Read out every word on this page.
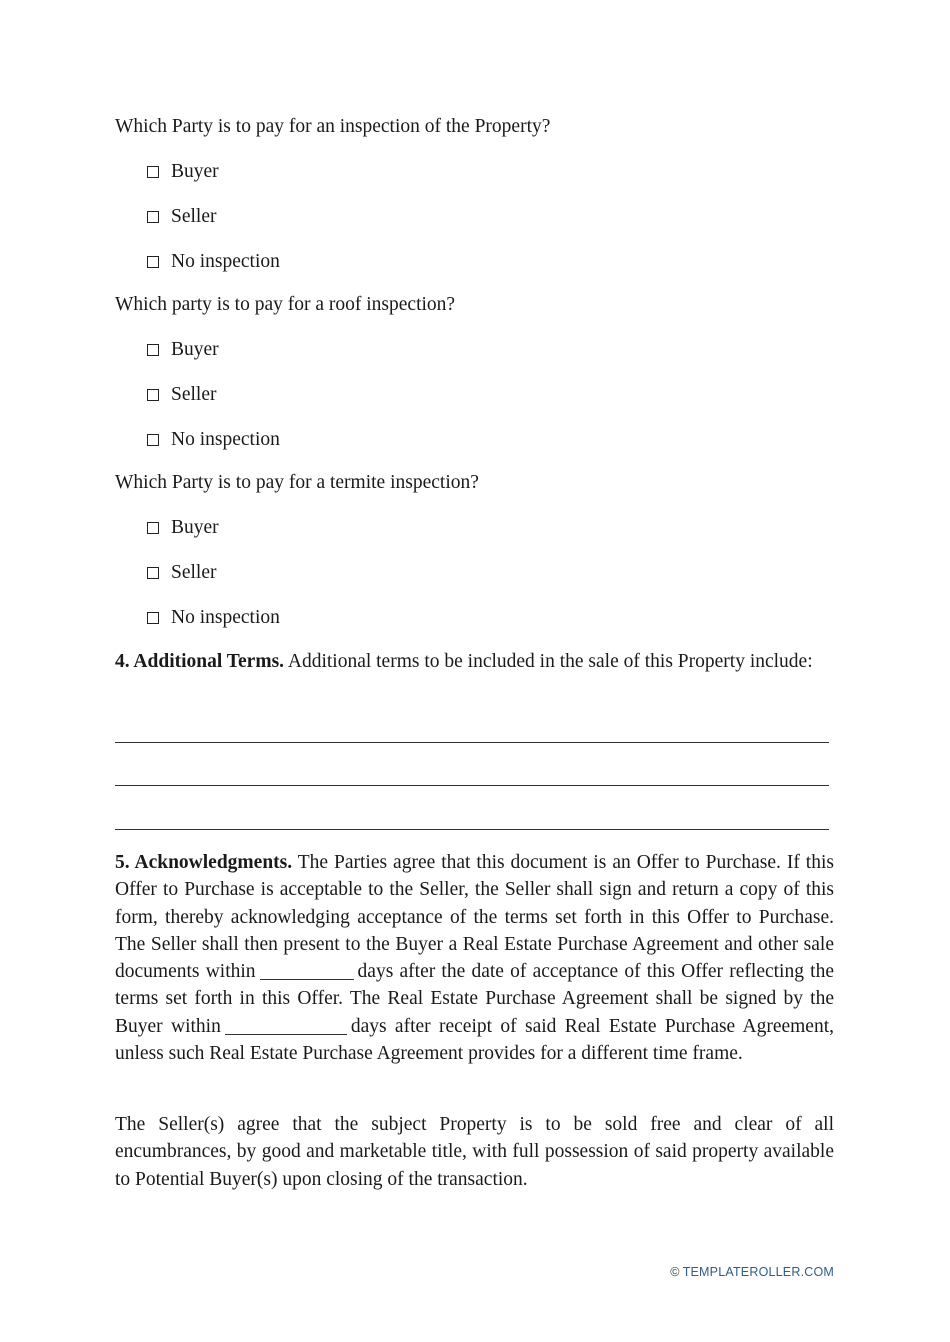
Which Party is to pay for an inspection of the Property?
Buyer
Seller
No inspection
Which party is to pay for a roof inspection?
Buyer
Seller
No inspection
Which Party is to pay for a termite inspection?
Buyer
Seller
No inspection
4. Additional Terms. Additional terms to be included in the sale of this Property include:
5. Acknowledgments. The Parties agree that this document is an Offer to Purchase. If this Offer to Purchase is acceptable to the Seller, the Seller shall sign and return a copy of this form, thereby acknowledging acceptance of the terms set forth in this Offer to Purchase. The Seller shall then present to the Buyer a Real Estate Purchase Agreement and other sale documents within	days after the date of acceptance of this Offer reflecting the terms set forth in this Offer. The Real Estate Purchase Agreement shall be signed by the Buyer within	days after receipt of said Real Estate Purchase Agreement, unless such Real Estate Purchase Agreement provides for a different time frame.
The Seller(s) agree that the subject Property is to be sold free and clear of all encumbrances, by good and marketable title, with full possession of said property available to Potential Buyer(s) upon closing of the transaction.
© TEMPLATEROLLER.COM
